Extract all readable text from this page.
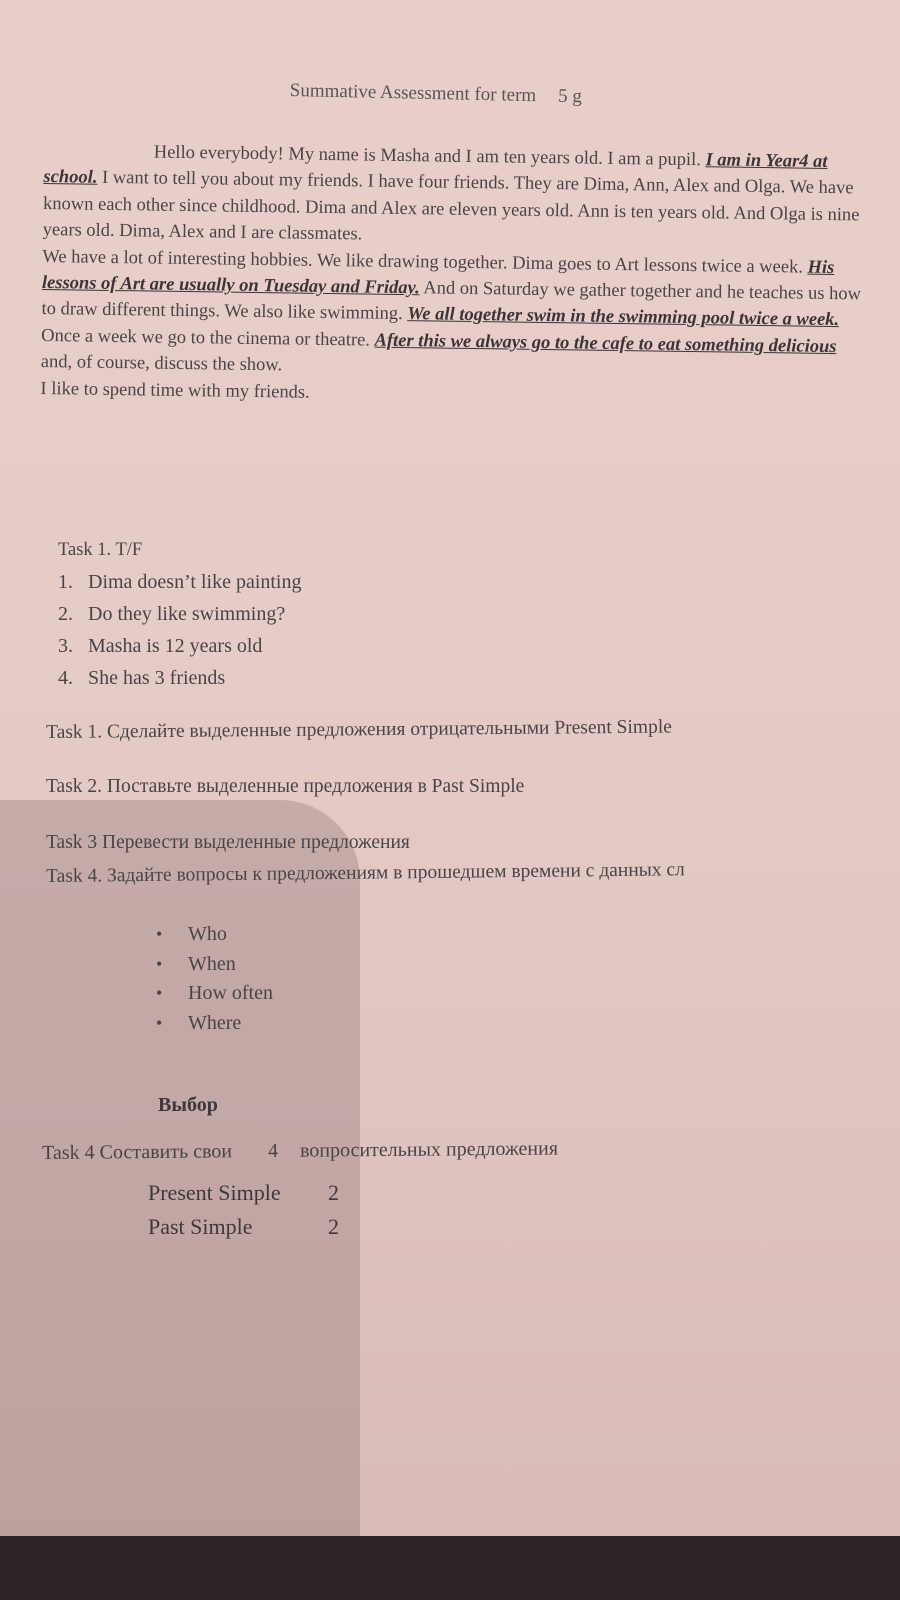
Summative Assessment for term 5 g

Hello everybody! My name is Masha and I am ten years old. I am a pupil. I am in Year4 at school. I want to tell you about my friends. I have four friends. They are Dima, Ann, Alex and Olga. We have known each other since childhood. Dima and Alex are eleven years old. Ann is ten years old. And Olga is nine years old. Dima, Alex and I are classmates.

We have a lot of interesting hobbies. We like drawing together. Dima goes to Art lessons twice a week. His lessons of Art are usually on Tuesday and Friday. And on Saturday we gather together and he teaches us how to draw different things. We also like swimming. We all together swim in the swimming pool twice a week. Once a week we go to the cinema or theatre. After this we always go to the cafe to eat something delicious and, of course, discuss the show.

I like to spend time with my friends.

Task 1. T/F
1. Dima doesn’t like painting
2. Do they like swimming?
3. Masha is 12 years old
4. She has 3 friends
Task 1. Сделайте выделенные предложения отрицательными Present Simple
Task 2. Поставьте выделенные предложения в Past Simple
Task 3 Перевести выделенные предложения
Task 4. Задайте вопросы к предложениям в прошедшем времени с данных сл
• Who
• When
• How often
• Where
Выбор
Task 4 Составить свои 4 вопросительных предложения
Present Simple 2
Past Simple	2
